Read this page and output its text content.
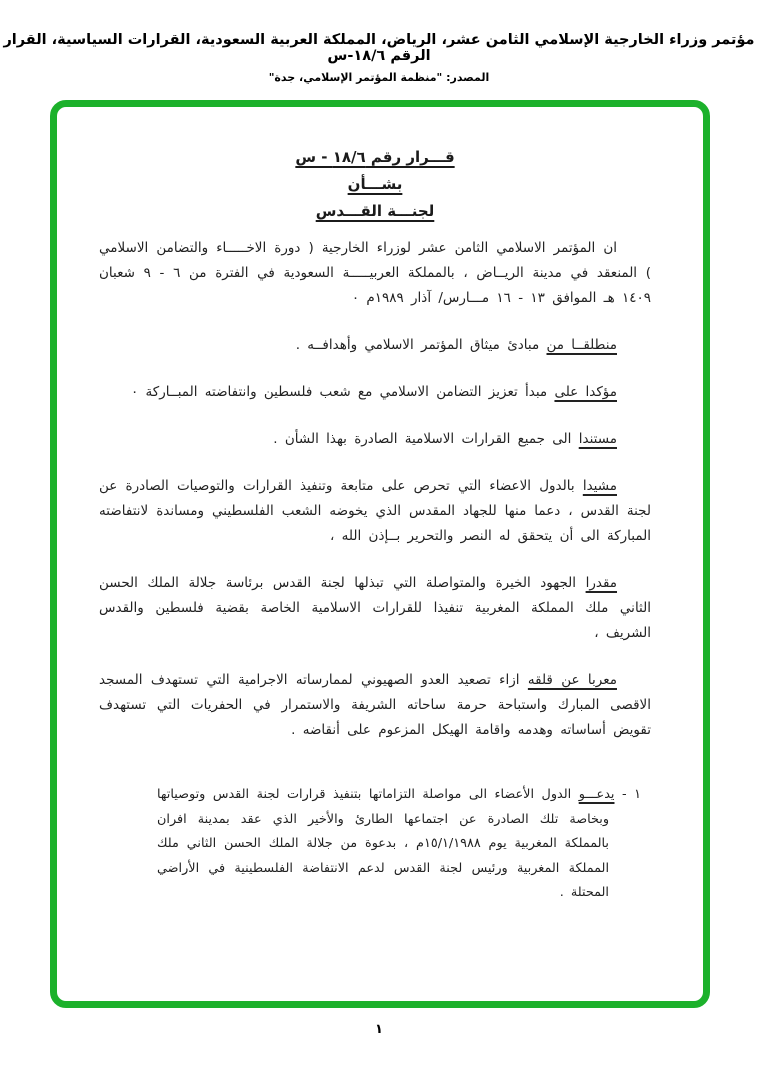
مؤتمر وزراء الخارجية الإسلامي الثامن عشر، الرياض، المملكة العربية السعودية، القرارات السياسية، القرار الرقم ١٨/٦-س
المصدر: "منظمة المؤتمر الإسلامي، جدة"
قـــرار رقم ١٨/٦ - س
بشـــأن
لجنـــة القـــدس
ان المؤتمر الاسلامي الثامن عشر لوزراء الخارجية ( دورة الاخـــــاء والتضامن الاسلامي ) المنعقد في مدينة الريــاض ، بالمملكة العربيـــــة السعودية في الفترة من ٦ - ٩ شعبان ١٤٠٩ هـ الموافق ١٣ - ١٦ مـــارس/ آذار ١٩٨٩م ٠
منطلقــا من مبادئ ميثاق المؤتمر الاسلامي وأهدافــه .
مؤكدا على مبدأ تعزيز التضامن الاسلامي مع شعب فلسطين وانتفاضته المبــاركة ٠
مستندا الى جميع القرارات الاسلامية الصادرة بهذا الشأن .
مشيدا بالدول الاعضاء التي تحرص على متابعة وتنفيذ القرارات والتوصيات الصادرة عن لجنة القدس ، دعما منها للجهاد المقدس الذي يخوضه الشعب الفلسطيني ومساندة لانتفاضته المباركة الى أن يتحقق له النصر والتحرير بــإذن الله ،
مقدرا الجهود الخيرة والمتواصلة التي تبذلها لجنة القدس برئاسة جلالة الملك الحسن الثاني ملك المملكة المغربية تنفيذا للقرارات الاسلامية الخاصة بقضية فلسطين والقدس الشريف ،
معربا عن قلقه ازاء تصعيد العدو الصهيوني لممارساته الاجرامية التي تستهدف المسجد الاقصى المبارك واستباحة حرمة ساحاته الشريفة والاستمرار في الحفريات التي تستهدف تقويض أساساته وهدمه واقامة الهيكل المزعوم على أنقاضه .
١ - يدعـــو الدول الأعضاء الى مواصلة التزاماتها بتنفيذ قرارات لجنة القدس وتوصياتها وبخاصة تلك الصادرة عن اجتماعها الطارئ والأخير الذي عقد بمدينة افران بالمملكة المغربية يوم ١٥/١/١٩٨٨م ، بدعوة من جلالة الملك الحسن الثاني ملك المملكة المغربية ورئيس لجنة القدس لدعم الانتفاضة الفلسطينية في الأراضي المحتلة .
١
